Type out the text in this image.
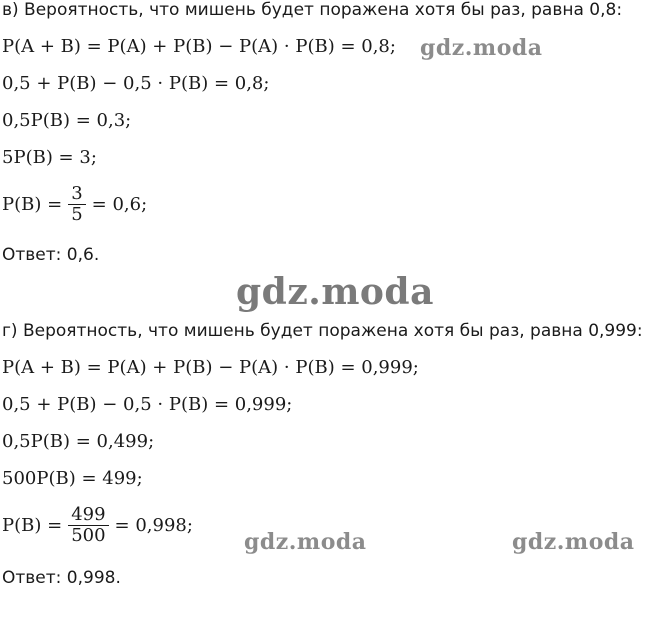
в) Вероятность, что мишень будет поражена хотя бы раз, равна 0,8:
P(A + B) = P(A) + P(B) − P(A) · P(B) = 0,8; gdz.moda
0,5 + P(B) − 0,5 · P(B) = 0,8;
0,5P(B) = 0,3;
5P(B) = 3;
$P(B) = \frac{3}{5} = 0,6$;
Ответ: 0,6.
gdz.moda
г) Вероятность, что мишень будет поражена хотя бы раз, равна 0,999:
P(A + B) = P(A) + P(B) − P(A) · P(B) = 0,999;
0,5 + P(B) − 0,5 · P(B) = 0,999;
0,5P(B) = 0,499;
500P(B) = 499;
$P(B) = \frac{499}{500} = 0,998$;
gdz.moda	gdz.moda
Ответ: 0,998.
